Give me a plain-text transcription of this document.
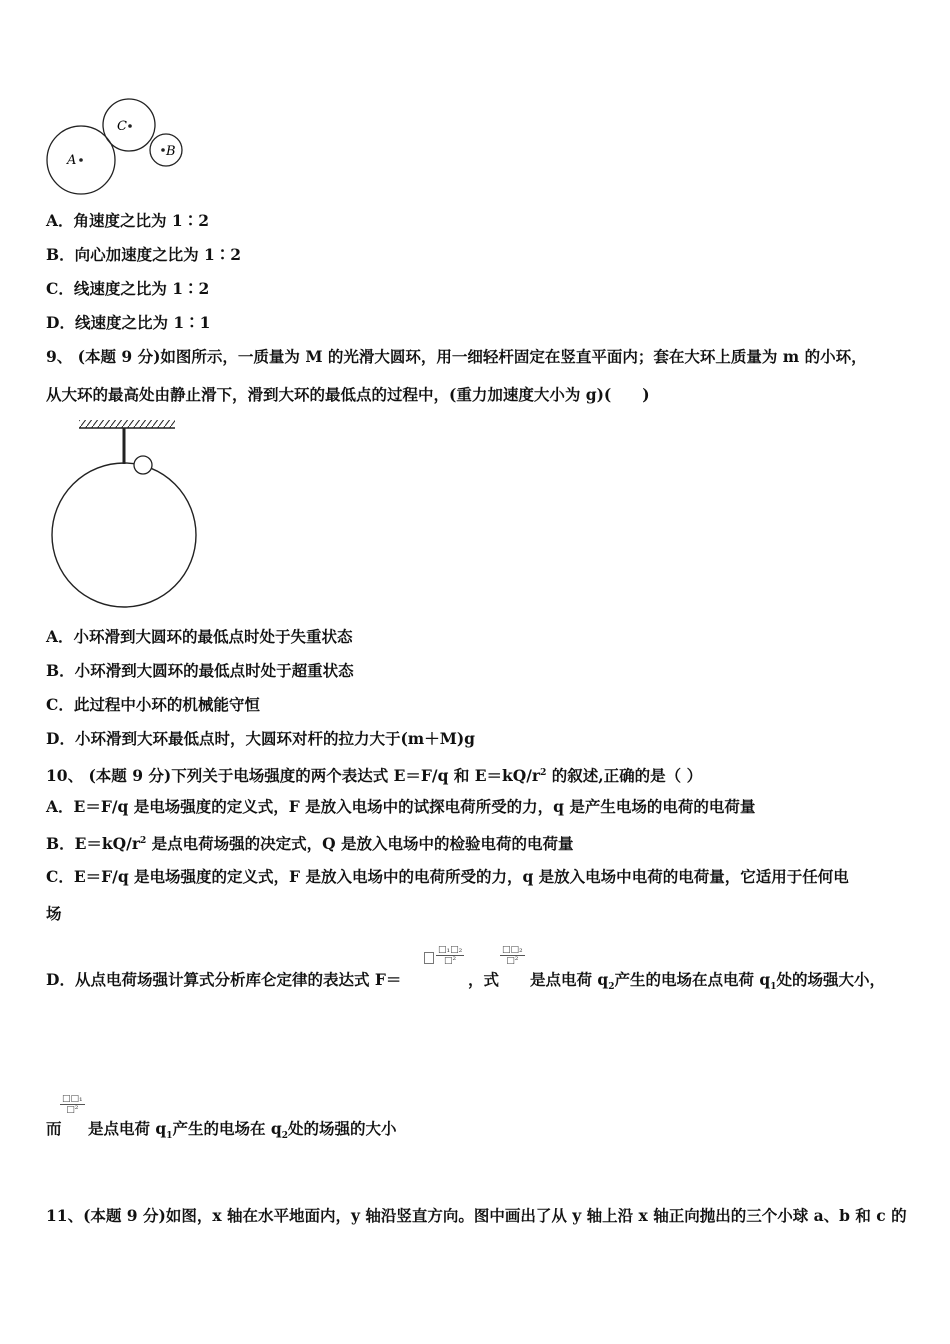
A
C
B
A．角速度之比为 1∶2
B．向心加速度之比为 1∶2
C．线速度之比为 1∶2
D．线速度之比为 1∶1
9、 (本题 9 分)如图所示，一质量为 M 的光滑大圆环，用一细轻杆固定在竖直平面内；套在大环上质量为 m 的小环，
从大环的最高处由静止滑下，滑到大环的最低点的过程中，(重力加速度大小为 g)(　　)
A．小环滑到大圆环的最低点时处于失重状态
B．小环滑到大圆环的最低点时处于超重状态
C．此过程中小环的机械能守恒
D．小环滑到大环最低点时，大圆环对杆的拉力大于(m＋M)g
10、 (本题 9 分)下列关于电场强度的两个表达式 E＝F/q 和 $E=kQ/r^2$ 的叙述,正确的是（ ）
A．E＝F/q 是电场强度的定义式，F 是放入电场中的试探电荷所受的力，q 是产生电场的电荷的电荷量
B．$E=kQ/r^2$ 是点电荷场强的决定式，Q 是放入电场中的检验电荷的电荷量
C．E＝F/q 是电场强度的定义式，F 是放入电场中的电荷所受的力，q 是放入电场中电荷的电荷量，它适用于任何电
场
D．从点电荷场强计算式分析库仑定律的表达式 F＝
□₁□₂
□²
，式
□□₂
□²
是点电荷 $q_2$产生的电场在点电荷 $q_1$处的场强大小，
□□₁
□²
而 是点电荷 $q_1$产生的电场在 $q_2$处的场强的大小
11、(本题 9 分)如图，x 轴在水平地面内，y 轴沿竖直方向。图中画出了从 y 轴上沿 x 轴正向抛出的三个小球 a、b 和 c 的
